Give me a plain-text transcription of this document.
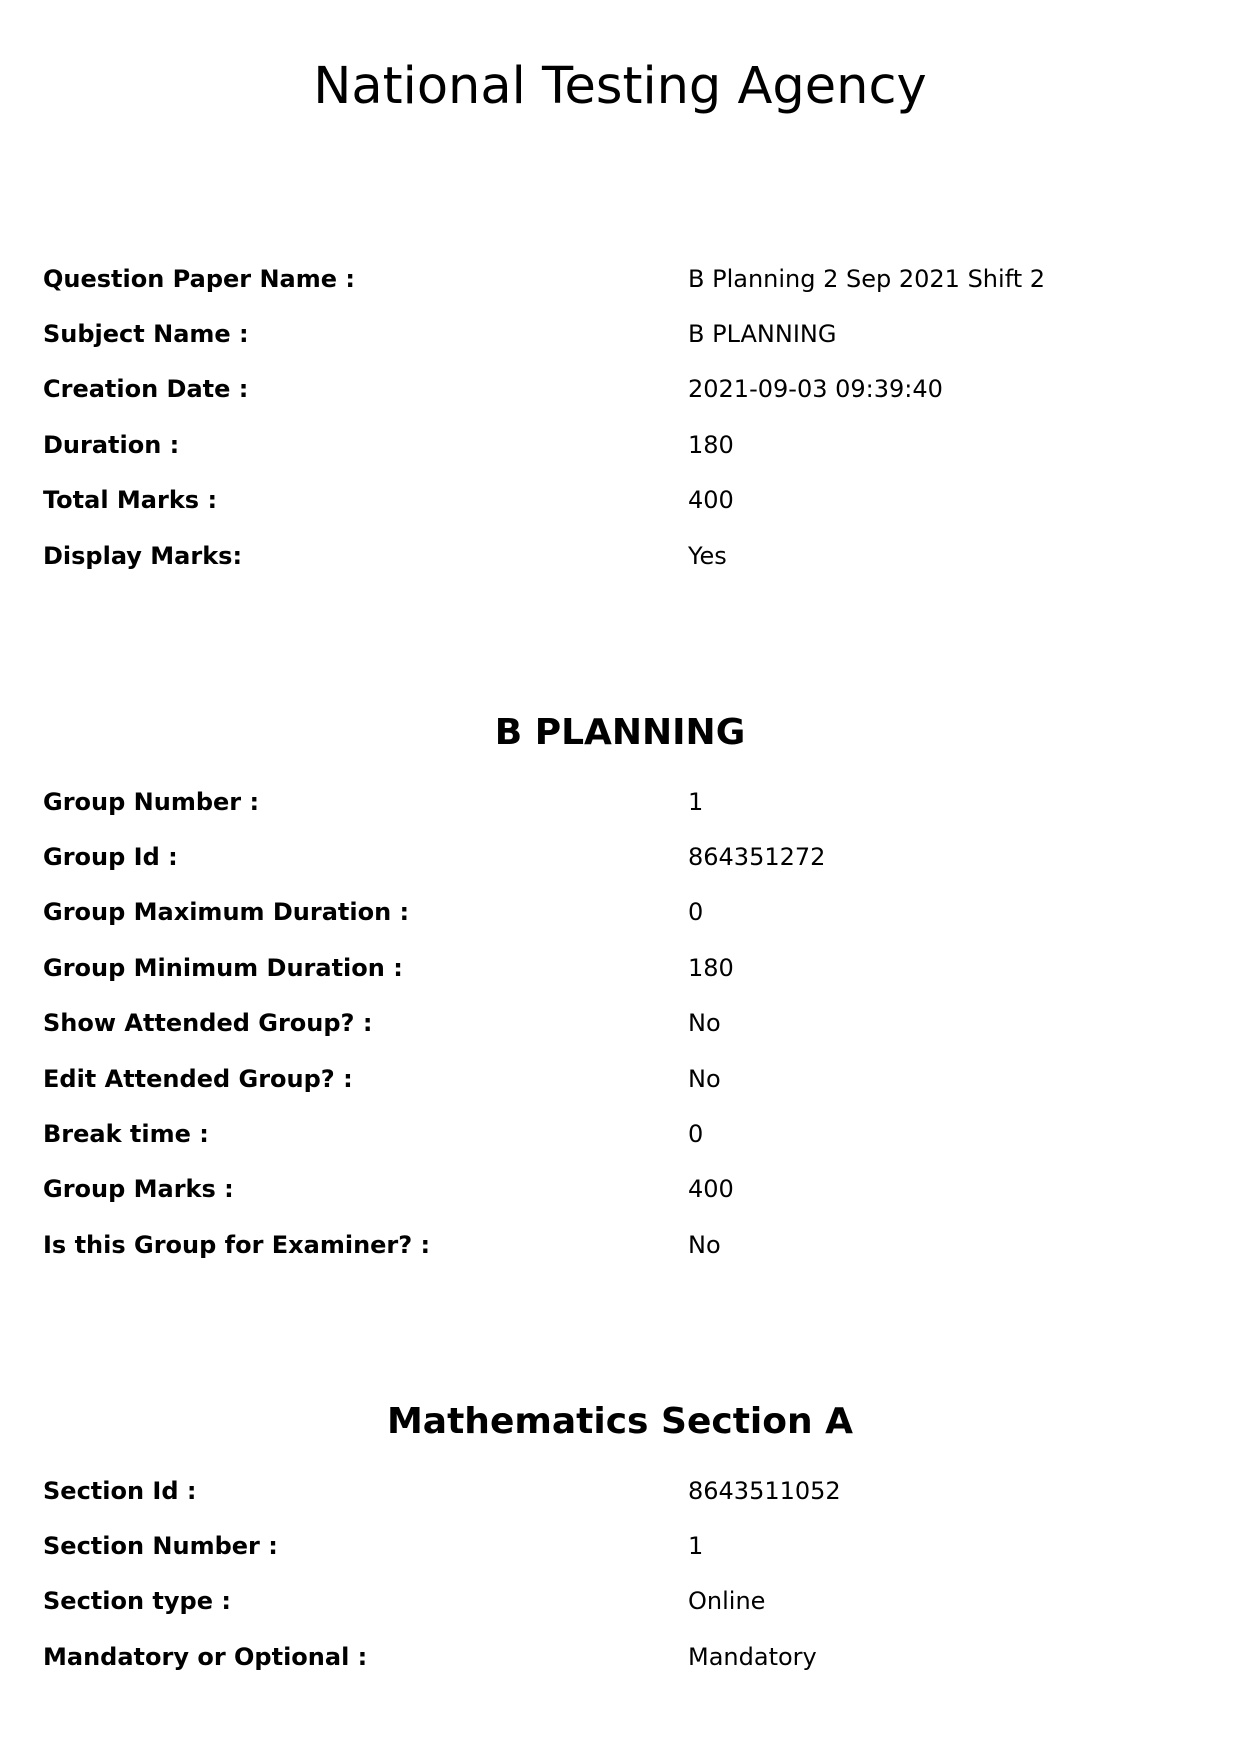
National Testing Agency
Question Paper Name :	B Planning 2 Sep 2021 Shift 2
Subject Name :	B PLANNING
Creation Date :	2021-09-03 09:39:40
Duration :	180
Total Marks :	400
Display Marks:	Yes
B PLANNING
Group Number :	1
Group Id :	864351272
Group Maximum Duration :	0
Group Minimum Duration :	180
Show Attended Group? :	No
Edit Attended Group? :	No
Break time :	0
Group Marks :	400
Is this Group for Examiner? :	No
Mathematics Section A
Section Id :	8643511052
Section Number :	1
Section type :	Online
Mandatory or Optional :	Mandatory
